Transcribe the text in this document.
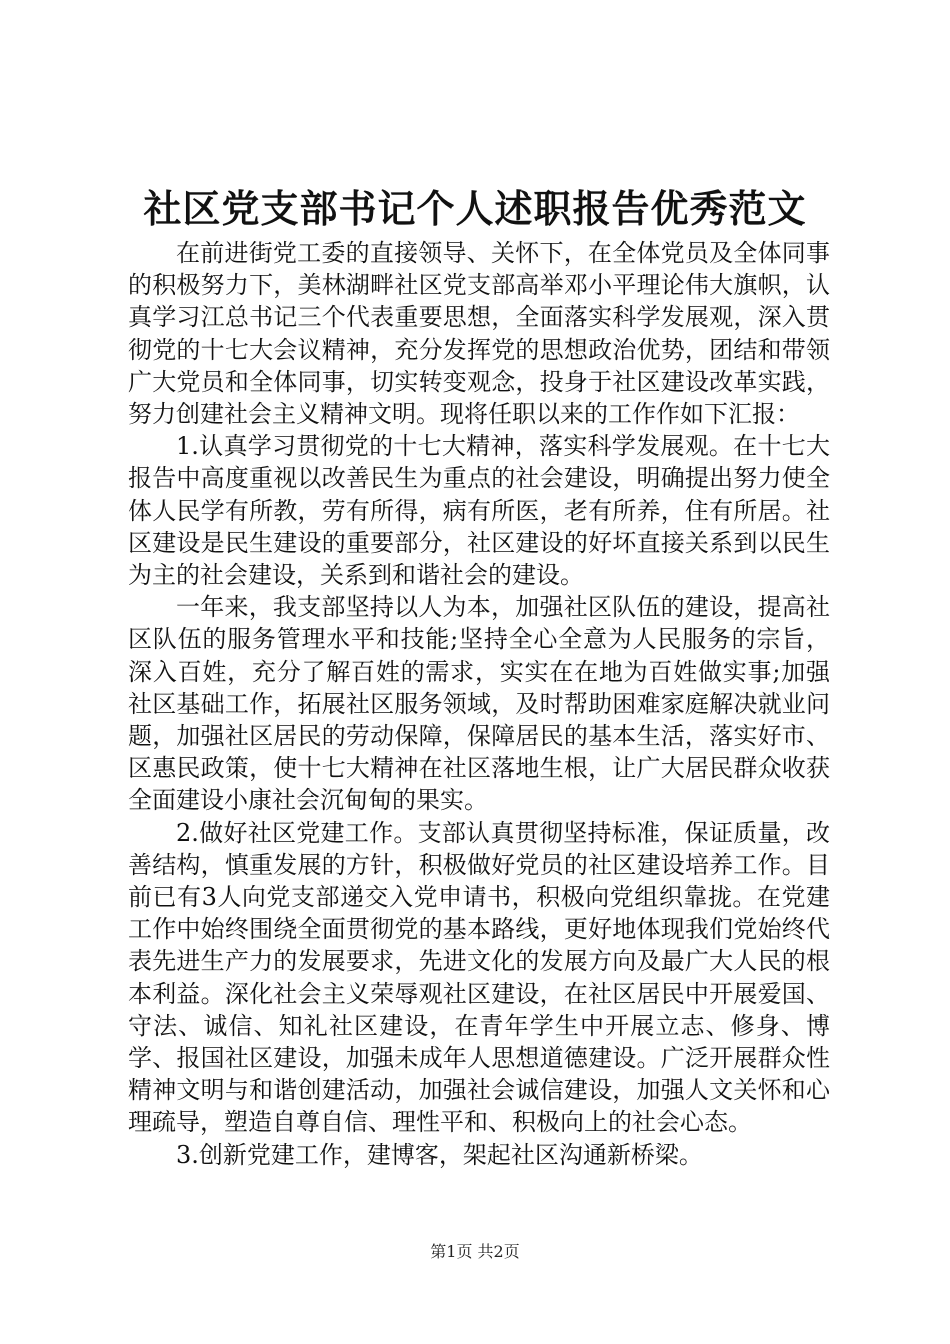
社区党支部书记个人述职报告优秀范文

在前进街党工委的直接领导、关怀下，在全体党员及全体同事的积极努力下，美林湖畔社区党支部高举邓小平理论伟大旗帜，认真学习江总书记三个代表重要思想，全面落实科学发展观，深入贯彻党的十七大会议精神，充分发挥党的思想政治优势，团结和带领广大党员和全体同事，切实转变观念，投身于社区建设改革实践，努力创建社会主义精神文明。现将任职以来的工作作如下汇报：

1.认真学习贯彻党的十七大精神，落实科学发展观。在十七大报告中高度重视以改善民生为重点的社会建设，明确提出努力使全体人民学有所教，劳有所得，病有所医，老有所养，住有所居。社区建设是民生建设的重要部分，社区建设的好坏直接关系到以民生为主的社会建设，关系到和谐社会的建设。

一年来，我支部坚持以人为本，加强社区队伍的建设，提高社区队伍的服务管理水平和技能;坚持全心全意为人民服务的宗旨，深入百姓，充分了解百姓的需求，实实在在地为百姓做实事;加强社区基础工作，拓展社区服务领域，及时帮助困难家庭解决就业问题，加强社区居民的劳动保障，保障居民的基本生活，落实好市、区惠民政策，使十七大精神在社区落地生根，让广大居民群众收获全面建设小康社会沉甸甸的果实。

2.做好社区党建工作。支部认真贯彻坚持标准，保证质量，改善结构，慎重发展的方针，积极做好党员的社区建设培养工作。目前已有3人向党支部递交入党申请书，积极向党组织靠拢。在党建工作中始终围绕全面贯彻党的基本路线，更好地体现我们党始终代表先进生产力的发展要求，先进文化的发展方向及最广大人民的根本利益。深化社会主义荣辱观社区建设，在社区居民中开展爱国、守法、诚信、知礼社区建设，在青年学生中开展立志、修身、博学、报国社区建设，加强未成年人思想道德建设。广泛开展群众性精神文明与和谐创建活动，加强社会诚信建设，加强人文关怀和心理疏导，塑造自尊自信、理性平和、积极向上的社会心态。

3.创新党建工作，建博客，架起社区沟通新桥梁。

第1页 共2页
